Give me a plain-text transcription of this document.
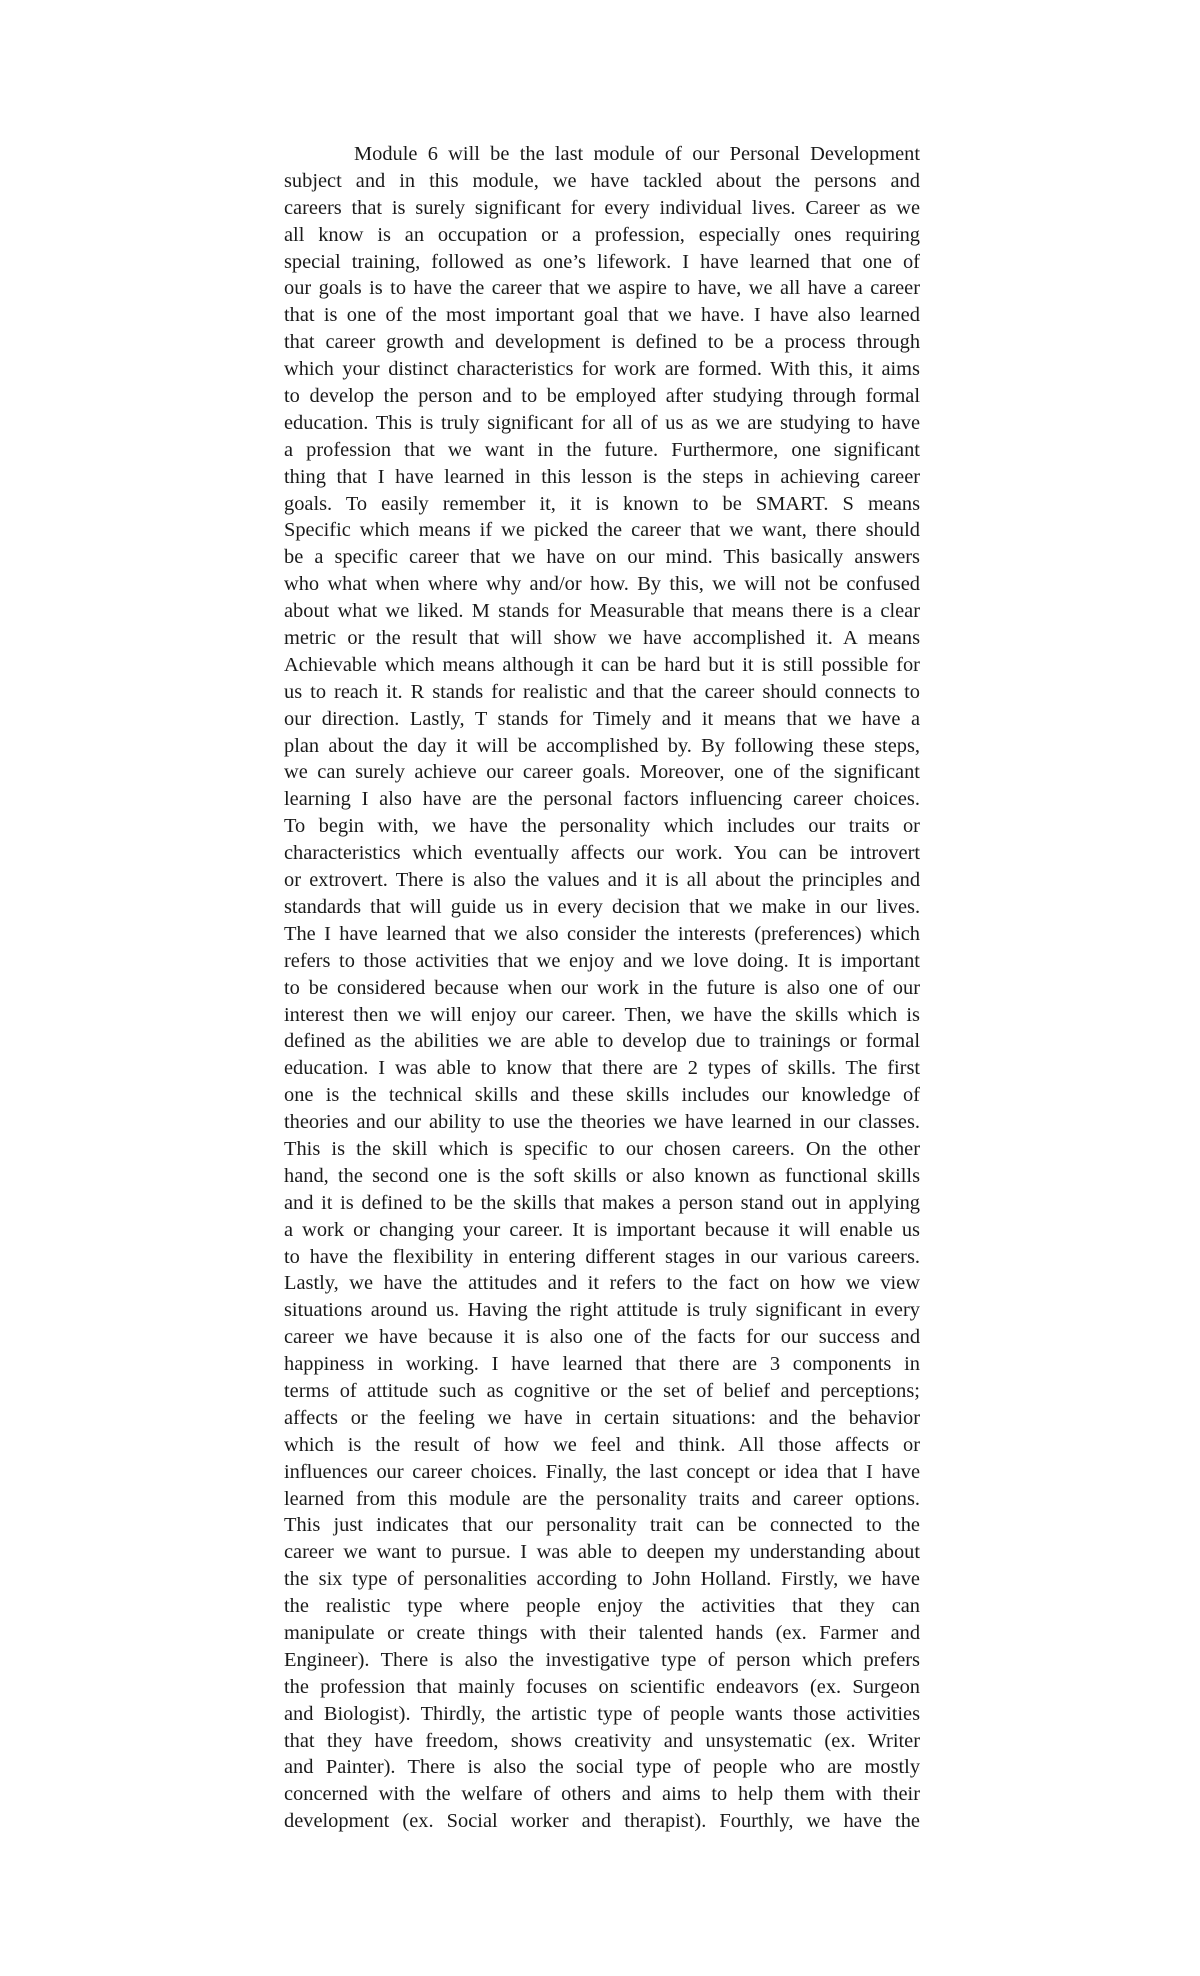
Module 6 will be the last module of our Personal Development
subject and in this module, we have tackled about the persons and
careers that is surely significant for every individual lives. Career as we
all know is an occupation or a profession, especially ones requiring
special training, followed as one’s lifework. I have learned that one of
our goals is to have the career that we aspire to have, we all have a career
that is one of the most important goal that we have. I have also learned
that career growth and development is defined to be a process through
which your distinct characteristics for work are formed. With this, it aims
to develop the person and to be employed after studying through formal
education. This is truly significant for all of us as we are studying to have
a profession that we want in the future. Furthermore, one significant
thing that I have learned in this lesson is the steps in achieving career
goals. To easily remember it, it is known to be SMART. S means
Specific which means if we picked the career that we want, there should
be a specific career that we have on our mind. This basically answers
who what when where why and/or how. By this, we will not be confused
about what we liked. M stands for Measurable that means there is a clear
metric or the result that will show we have accomplished it. A means
Achievable which means although it can be hard but it is still possible for
us to reach it. R stands for realistic and that the career should connects to
our direction. Lastly, T stands for Timely and it means that we have a
plan about the day it will be accomplished by. By following these steps,
we can surely achieve our career goals. Moreover, one of the significant
learning I also have are the personal factors influencing career choices.
To begin with, we have the personality which includes our traits or
characteristics which eventually affects our work. You can be introvert
or extrovert. There is also the values and it is all about the principles and
standards that will guide us in every decision that we make in our lives.
The I have learned that we also consider the interests (preferences) which
refers to those activities that we enjoy and we love doing. It is important
to be considered because when our work in the future is also one of our
interest then we will enjoy our career. Then, we have the skills which is
defined as the abilities we are able to develop due to trainings or formal
education. I was able to know that there are 2 types of skills. The first
one is the technical skills and these skills includes our knowledge of
theories and our ability to use the theories we have learned in our classes.
This is the skill which is specific to our chosen careers. On the other
hand, the second one is the soft skills or also known as functional skills
and it is defined to be the skills that makes a person stand out in applying
a work or changing your career. It is important because it will enable us
to have the flexibility in entering different stages in our various careers.
Lastly, we have the attitudes and it refers to the fact on how we view
situations around us. Having the right attitude is truly significant in every
career we have because it is also one of the facts for our success and
happiness in working. I have learned that there are 3 components in
terms of attitude such as cognitive or the set of belief and perceptions;
affects or the feeling we have in certain situations: and the behavior
which is the result of how we feel and think. All those affects or
influences our career choices. Finally, the last concept or idea that I have
learned from this module are the personality traits and career options.
This just indicates that our personality trait can be connected to the
career we want to pursue. I was able to deepen my understanding about
the six type of personalities according to John Holland. Firstly, we have
the realistic type where people enjoy the activities that they can
manipulate or create things with their talented hands (ex. Farmer and
Engineer). There is also the investigative type of person which prefers
the profession that mainly focuses on scientific endeavors (ex. Surgeon
and Biologist). Thirdly, the artistic type of people wants those activities
that they have freedom, shows creativity and unsystematic (ex. Writer
and Painter). There is also the social type of people who are mostly
concerned with the welfare of others and aims to help them with their
development (ex. Social worker and therapist). Fourthly, we have the
